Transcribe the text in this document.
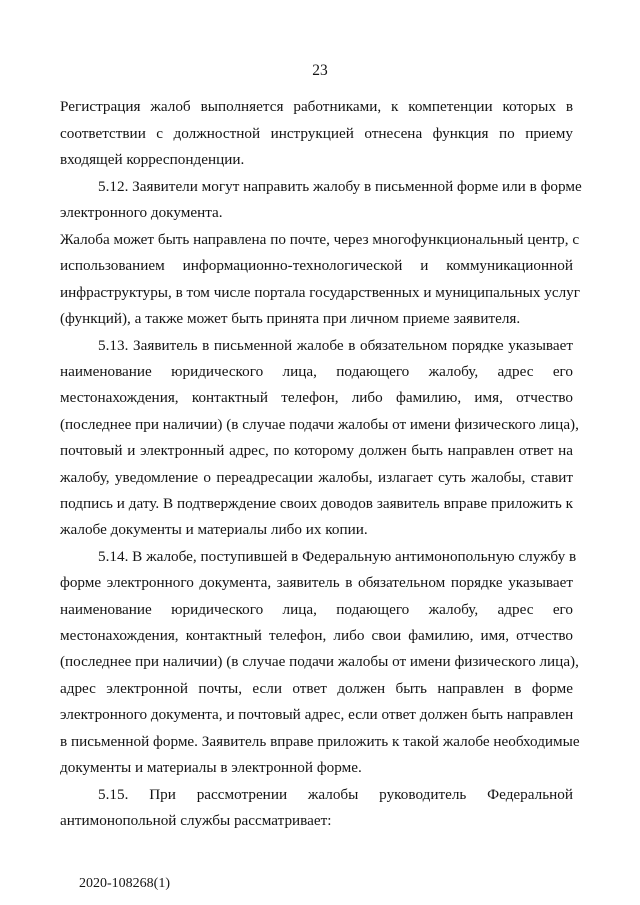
23
Регистрация жалоб выполняется работниками, к компетенции которых в
соответствии с должностной инструкцией отнесена функция по приему
входящей корреспонденции.
5.12. Заявители могут направить жалобу в письменной форме или в форме
электронного документа.
Жалоба может быть направлена по почте, через многофункциональный центр, с
использованием информационно-технологической и коммуникационной
инфраструктуры, в том числе портала государственных и муниципальных услуг
(функций), а также может быть принята при личном приеме заявителя.
5.13. Заявитель в письменной жалобе в обязательном порядке указывает
наименование юридического лица, подающего жалобу, адрес его
местонахождения, контактный телефон, либо фамилию, имя, отчество
(последнее при наличии) (в случае подачи жалобы от имени физического лица),
почтовый и электронный адрес, по которому должен быть направлен ответ на
жалобу, уведомление о переадресации жалобы, излагает суть жалобы, ставит
подпись и дату. В подтверждение своих доводов заявитель вправе приложить к
жалобе документы и материалы либо их копии.
5.14. В жалобе, поступившей в Федеральную антимонопольную службу в
форме электронного документа, заявитель в обязательном порядке указывает
наименование юридического лица, подающего жалобу, адрес его
местонахождения, контактный телефон, либо свои фамилию, имя, отчество
(последнее при наличии) (в случае подачи жалобы от имени физического лица),
адрес электронной почты, если ответ должен быть направлен в форме
электронного документа, и почтовый адрес, если ответ должен быть направлен
в письменной форме. Заявитель вправе приложить к такой жалобе необходимые
документы и материалы в электронной форме.
5.15. При рассмотрении жалобы руководитель Федеральной
антимонопольной службы рассматривает:
2020-108268(1)
